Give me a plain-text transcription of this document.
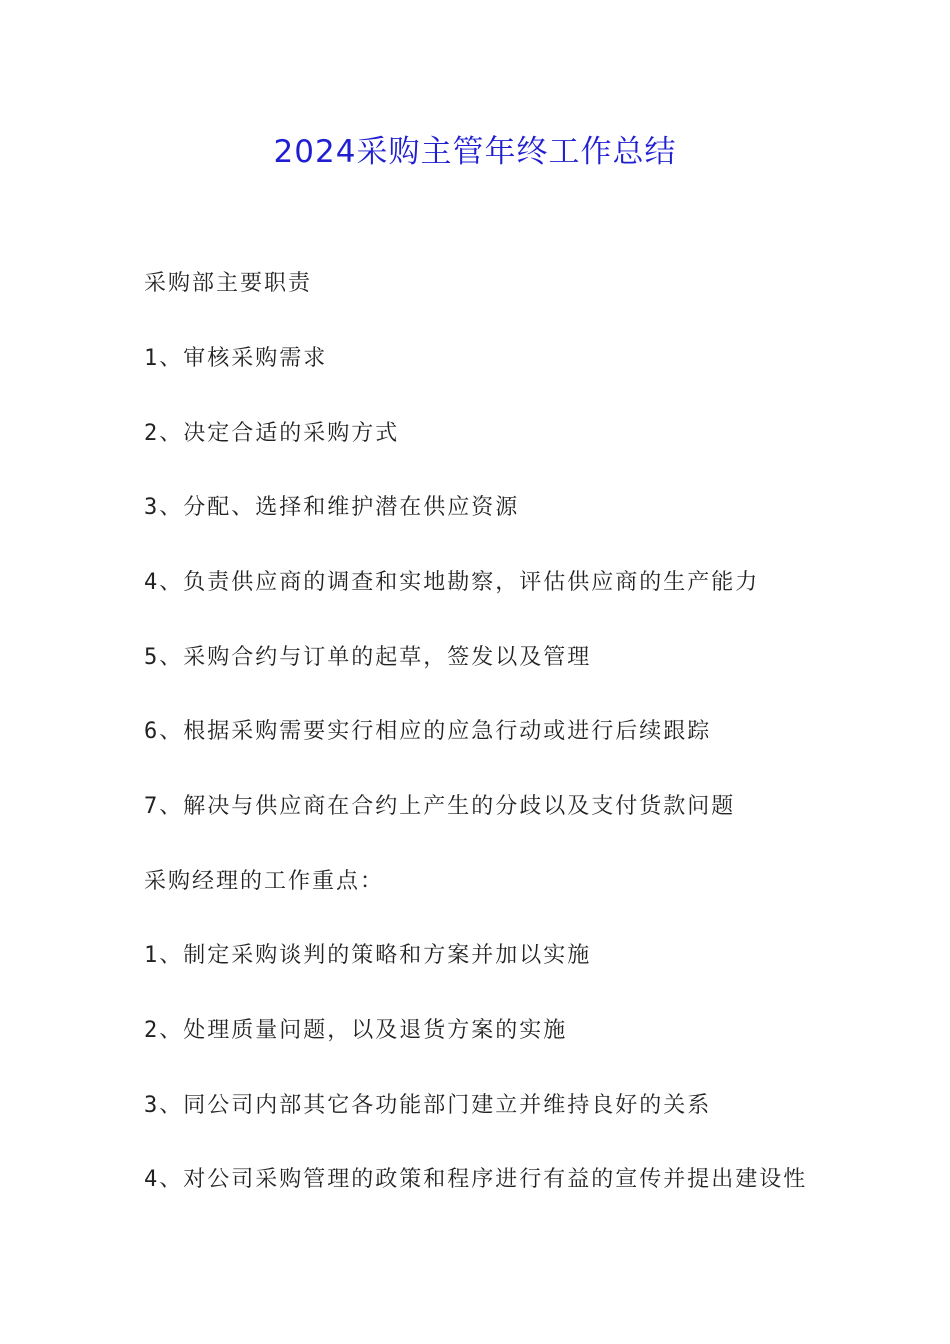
2024采购主管年终工作总结
采购部主要职责
1、审核采购需求
2、决定合适的采购方式
3、分配、选择和维护潜在供应资源
4、负责供应商的调查和实地勘察，评估供应商的生产能力
5、采购合约与订单的起草，签发以及管理
6、根据采购需要实行相应的应急行动或进行后续跟踪
7、解决与供应商在合约上产生的分歧以及支付货款问题
采购经理的工作重点：
1、制定采购谈判的策略和方案并加以实施
2、处理质量问题，以及退货方案的实施
3、同公司内部其它各功能部门建立并维持良好的关系
4、对公司采购管理的政策和程序进行有益的宣传并提出建设性
